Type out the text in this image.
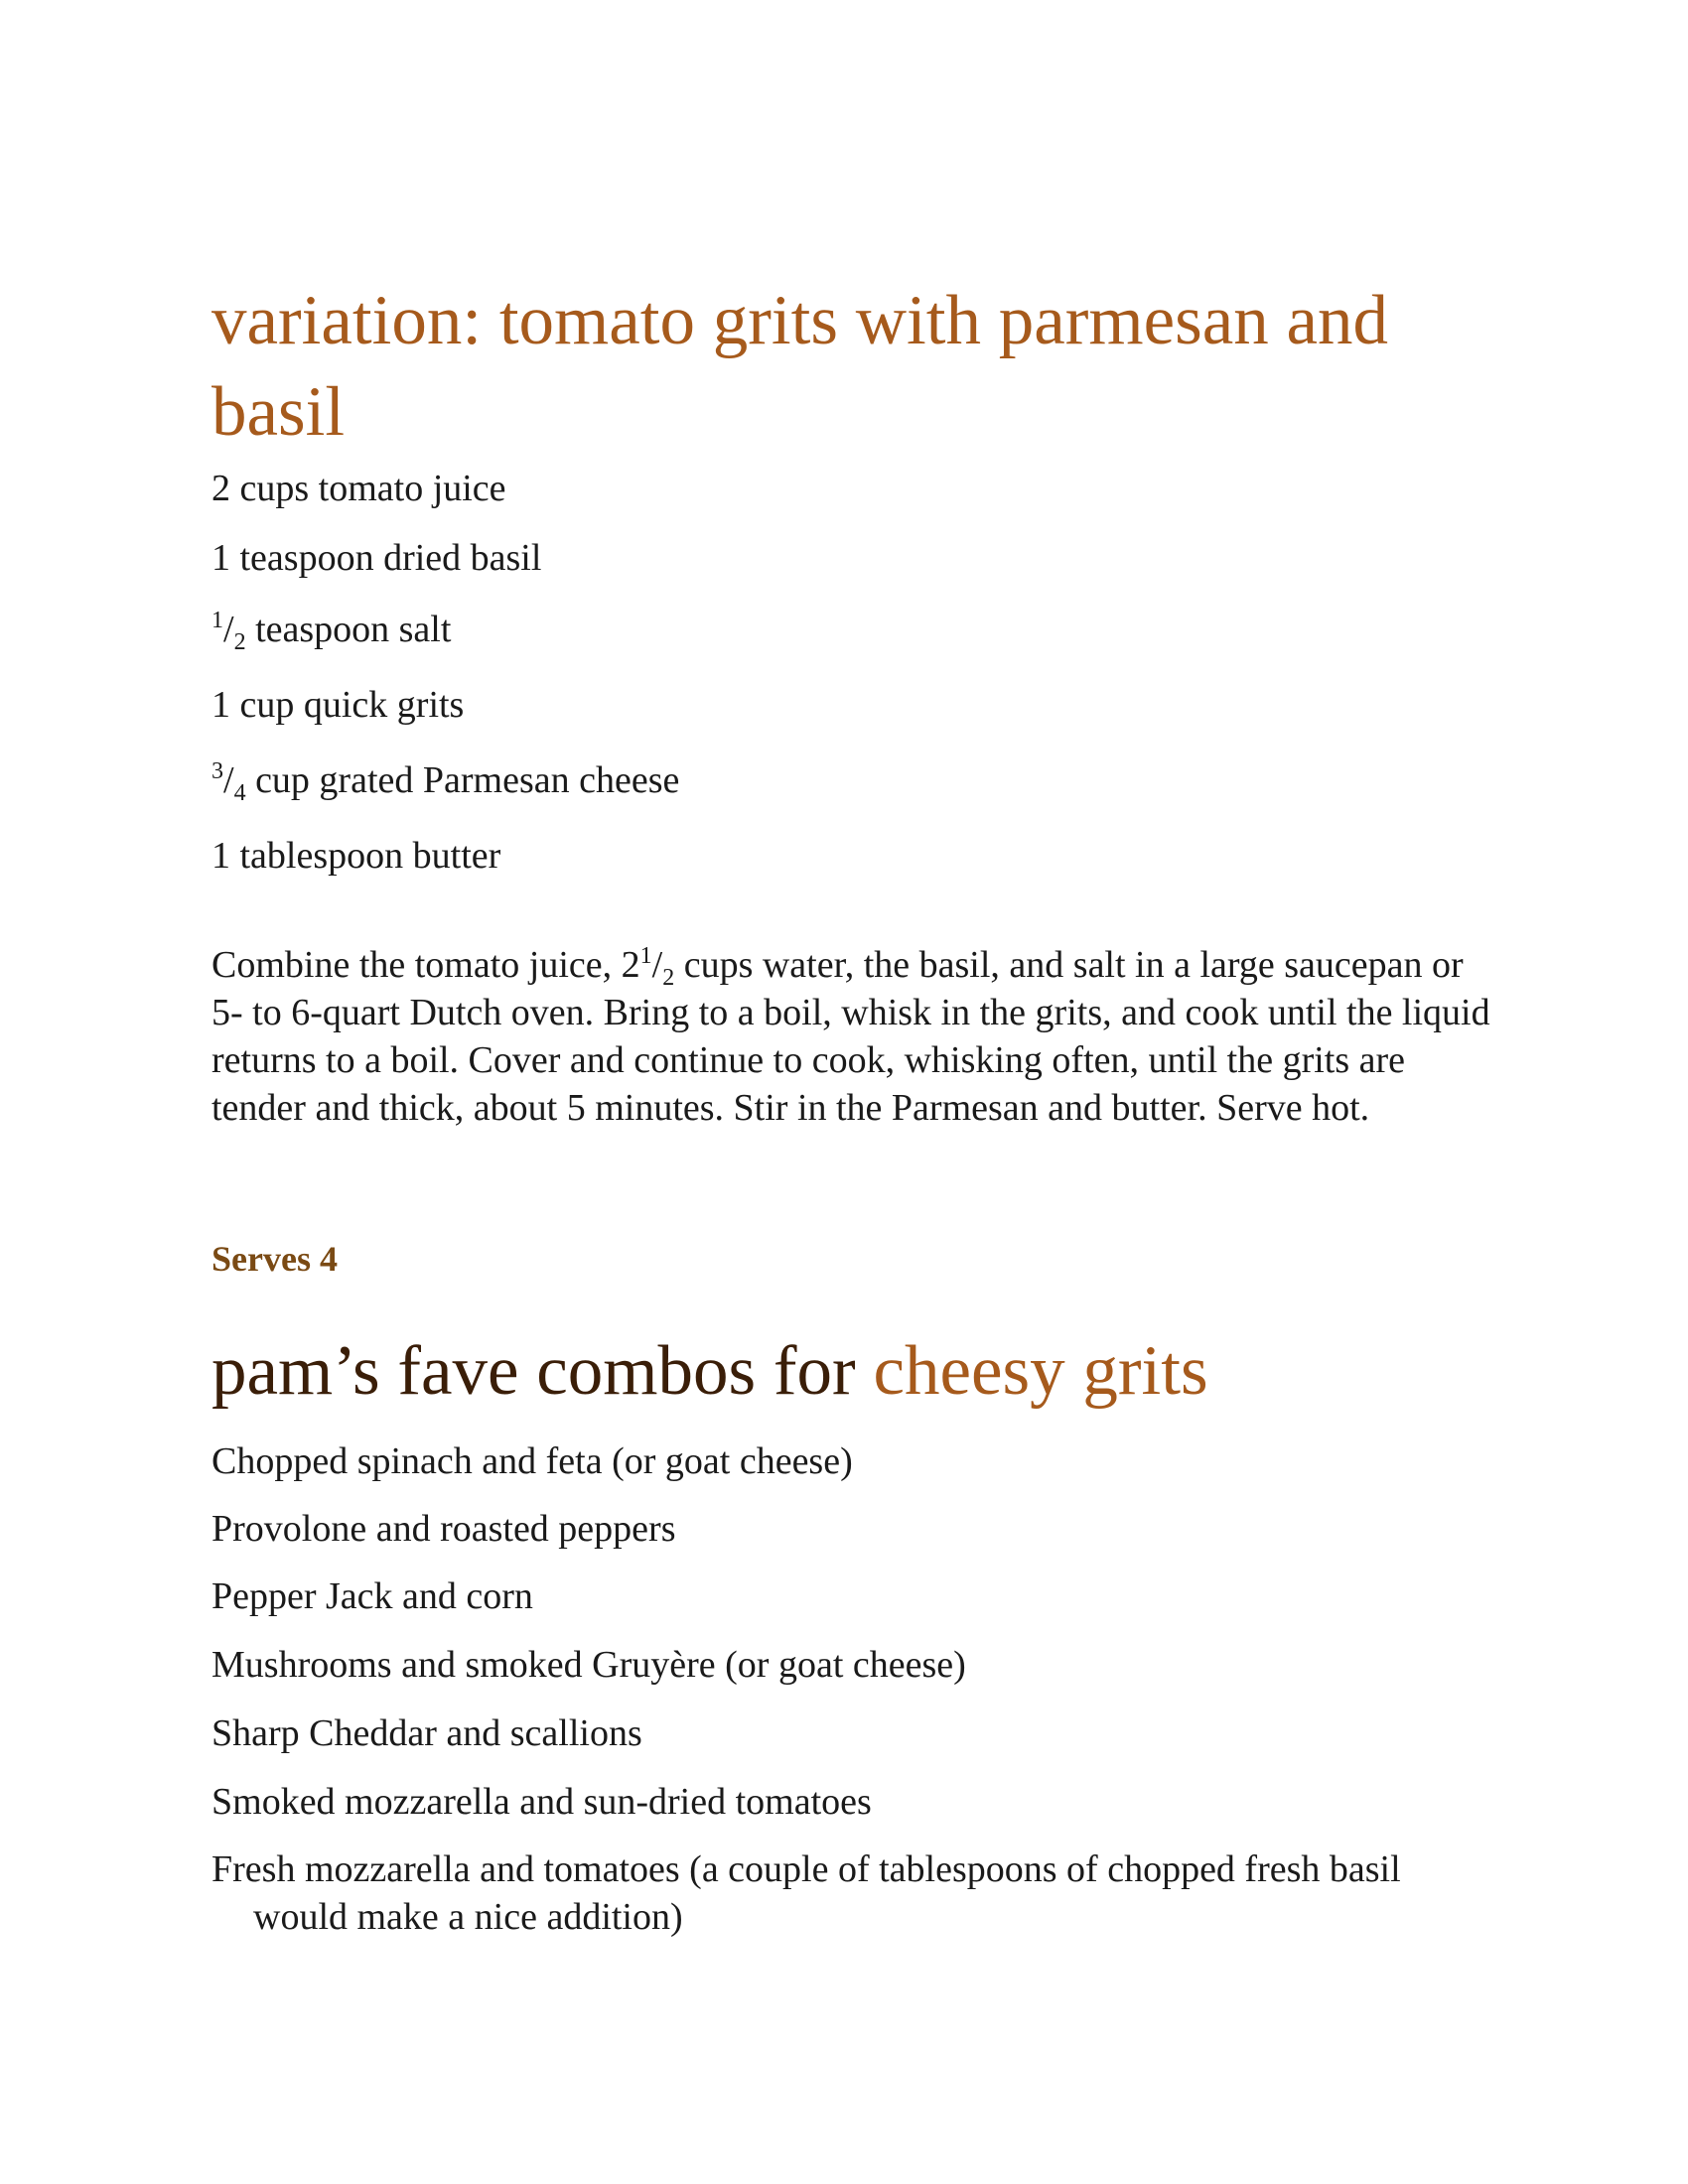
variation: tomato grits with parmesan and basil
2 cups tomato juice
1 teaspoon dried basil
$^1/_2$ teaspoon salt
1 cup quick grits
$^3/_4$ cup grated Parmesan cheese
1 tablespoon butter

Combine the tomato juice, $2^1/_2$ cups water, the basil, and salt in a large saucepan or 5- to 6-quart Dutch oven. Bring to a boil, whisk in the grits, and cook until the liquid returns to a boil. Cover and continue to cook, whisking often, until the grits are tender and thick, about 5 minutes. Stir in the Parmesan and butter. Serve hot.

Serves 4

pam’s fave combos for cheesy grits
Chopped spinach and feta (or goat cheese)
Provolone and roasted peppers
Pepper Jack and corn
Mushrooms and smoked Gruyère (or goat cheese)
Sharp Cheddar and scallions
Smoked mozzarella and sun-dried tomatoes
Fresh mozzarella and tomatoes (a couple of tablespoons of chopped fresh basil would make a nice addition)
